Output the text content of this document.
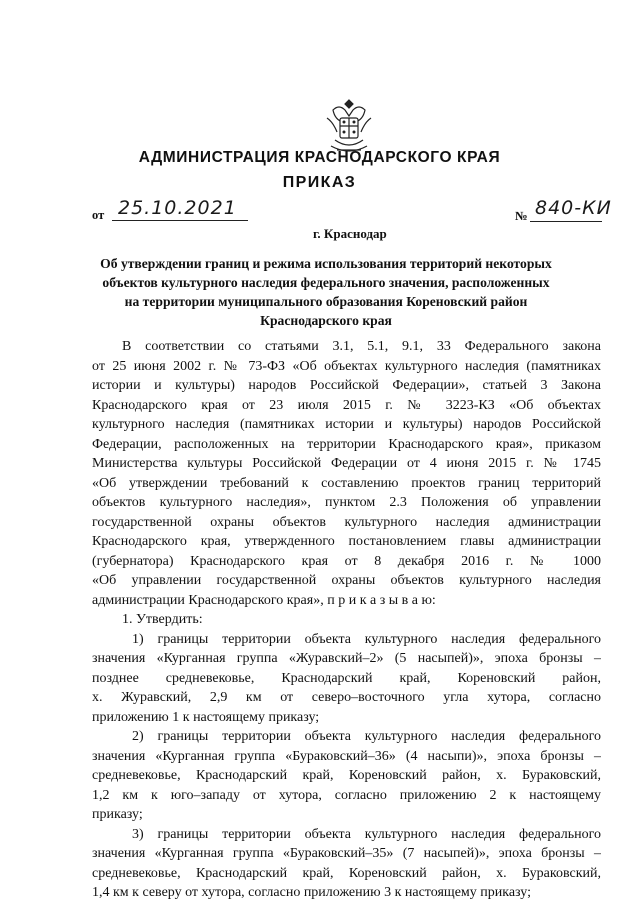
АДМИНИСТРАЦИЯ КРАСНОДАРСКОГО КРАЯ
ПРИКАЗ
от 25.10.2021	№ 840-КИ
г. Краснодар
Об утверждении границ и режима использования территорий некоторых
объектов культурного наследия федерального значения, расположенных
на территории муниципального образования Кореновский район
Краснодарского края
В соответствии со статьями 3.1, 5.1, 9.1, 33 Федерального закона
от 25 июня 2002 г. № 73-ФЗ «Об объектах культурного наследия (памятниках
истории и культуры) народов Российской Федерации», статьей 3 Закона
Краснодарского края от 23 июля 2015 г. № 3223-КЗ «Об объектах
культурного наследия (памятниках истории и культуры) народов Российской
Федерации, расположенных на территории Краснодарского края», приказом
Министерства культуры Российской Федерации от 4 июня 2015 г. № 1745
«Об утверждении требований к составлению проектов границ территорий
объектов культурного наследия», пунктом 2.3 Положения об управлении
государственной охраны объектов культурного наследия администрации
Краснодарского края, утвержденного постановлением главы администрации
(губернатора) Краснодарского края от 8 декабря 2016 г. № 1000
«Об управлении государственной охраны объектов культурного наследия
администрации Краснодарского края», п р и к а з ы в а ю:
1. Утвердить:
1) границы территории объекта культурного наследия федерального
значения «Курганная группа «Журавский–2» (5 насыпей)», эпоха бронзы –
позднее средневековье, Краснодарский край, Кореновский район,
х. Журавский, 2,9 км от северо–восточного угла хутора, согласно
приложению 1 к настоящему приказу;
2) границы территории объекта культурного наследия федерального
значения «Курганная группа «Бураковский–36» (4 насыпи)», эпоха бронзы –
средневековье, Краснодарский край, Кореновский район, х. Бураковский,
1,2 км к юго–западу от хутора, согласно приложению 2 к настоящему
приказу;
3) границы территории объекта культурного наследия федерального
значения «Курганная группа «Бураковский–35» (7 насыпей)», эпоха бронзы –
средневековье, Краснодарский край, Кореновский район, х. Бураковский,
1,4 км к северу от хутора, согласно приложению 3 к настоящему приказу;
